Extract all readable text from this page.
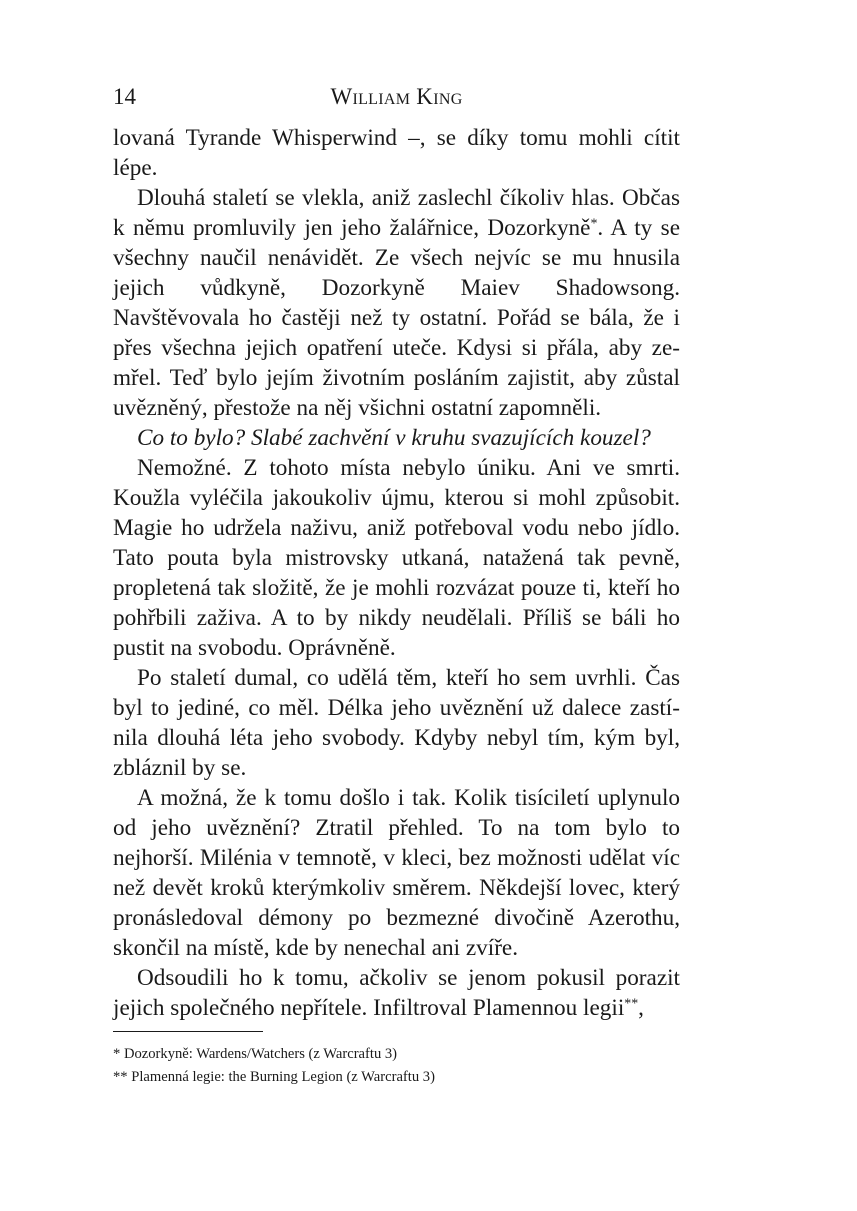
14	William King

lovaná Tyrande Whisperwind –, se díky tomu mohli cítit lépe.

Dlouhá staletí se vlekla, aniž zaslechl číkoliv hlas. Občas k němu promluvily jen jeho žalářnice, Dozorkyně*. A ty se všechny naučil nenávidět. Ze všech nejvíc se mu hnusila jejich vůdkyně, Dozorkyně Maiev Shadowsong. Navštěvovala ho častěji než ty ostatní. Pořád se bála, že i přes všechna jejich opatření uteče. Kdysi si přála, aby zemřel. Teď bylo jejím životním posláním zajistit, aby zůstal uvězněný, přestože na něj všichni ostatní zapomněli.

Co to bylo? Slabé zachvění v kruhu svazujících kouzel?

Nemožné. Z tohoto místa nebylo úniku. Ani ve smrti. Koužla vyléčila jakoukoliv újmu, kterou si mohl způsobit. Magie ho udržela naživu, aniž potřeboval vodu nebo jídlo. Tato pouta byla mistrovsky utkaná, natažená tak pevně, propletená tak složitě, že je mohli rozvázat pouze ti, kteří ho pohřbili zaživa. A to by nikdy neudělali. Příliš se báli ho pustit na svobodu. Oprávněně.

Po staletí dumal, co udělá těm, kteří ho sem uvrhli. Čas byl to jediné, co měl. Délka jeho uvěznění už dalece zastínila dlouhá léta jeho svobody. Kdyby nebyl tím, kým byl, zbláznil by se.

A možná, že k tomu došlo i tak. Kolik tisíciletí uplynulo od jeho uvěznění? Ztratil přehled. To na tom bylo to nejhorší. Milénia v temnotě, v kleci, bez možnosti udělat víc než devět kroků kterýmkoliv směrem. Někdejší lovec, který pronásledoval démony po bezmezné divočině Azerothu, skončil na místě, kde by nenechal ani zvíře.

Odsoudili ho k tomu, ačkoliv se jenom pokusil porazit jejich společného nepřítele. Infiltroval Plamennou legii**,

* Dozorkyně: Wardens/Watchers (z Warcraftu 3)
** Plamenná legie: the Burning Legion (z Warcraftu 3)
